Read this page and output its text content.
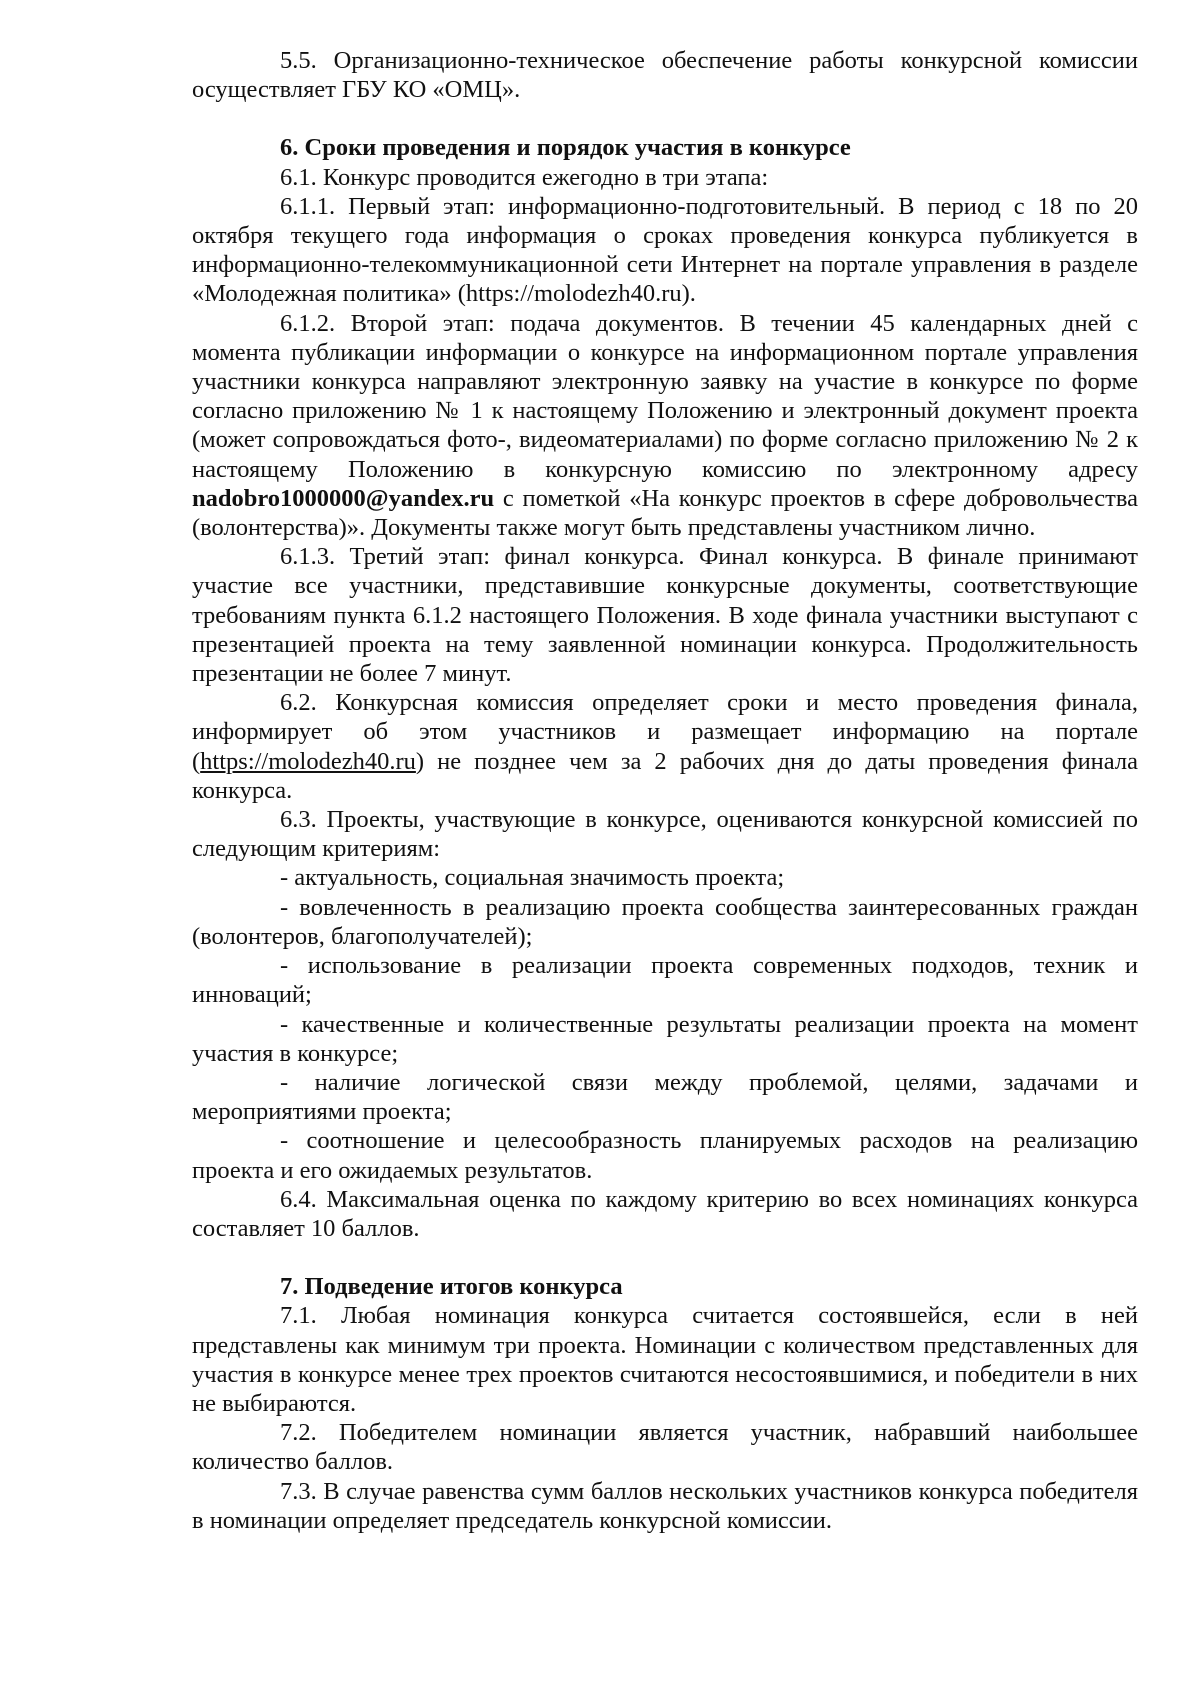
5.5. Организационно-техническое обеспечение работы конкурсной комиссии осуществляет ГБУ КО «ОМЦ».

6. Сроки проведения и порядок участия в конкурсе

6.1. Конкурс проводится ежегодно в три этапа:

6.1.1. Первый этап: информационно-подготовительный. В период с 18 по 20 октября текущего года информация о сроках проведения конкурса публикуется в информационно-телекоммуникационной сети Интернет на портале управления в разделе «Молодежная политика» (https://molodezh40.ru).

6.1.2. Второй этап: подача документов. В течении 45 календарных дней с момента публикации информации о конкурсе на информационном портале управления участники конкурса направляют электронную заявку на участие в конкурсе по форме согласно приложению № 1 к настоящему Положению и электронный документ проекта (может сопровождаться фото-, видеоматериалами) по форме согласно приложению № 2 к настоящему Положению в конкурсную комиссию по электронному адресу nadobro1000000@yandex.ru с пометкой «На конкурс проектов в сфере добровольчества (волонтерства)». Документы также могут быть представлены участником лично.

6.1.3. Третий этап: финал конкурса. Финал конкурса. В финале принимают участие все участники, представившие конкурсные документы, соответствующие требованиям пункта 6.1.2 настоящего Положения. В ходе финала участники выступают с презентацией проекта на тему заявленной номинации конкурса. Продолжительность презентации не более 7 минут.

6.2. Конкурсная комиссия определяет сроки и место проведения финала, информирует об этом участников и размещает информацию на портале (https://molodezh40.ru) не позднее чем за 2 рабочих дня до даты проведения финала конкурса.

6.3. Проекты, участвующие в конкурсе, оцениваются конкурсной комиссией по следующим критериям:

- актуальность, социальная значимость проекта;

- вовлеченность в реализацию проекта сообщества заинтересованных граждан (волонтеров, благополучателей);

- использование в реализации проекта современных подходов, техник и инноваций;

- качественные и количественные результаты реализации проекта на момент участия в конкурсе;

- наличие логической связи между проблемой, целями, задачами и мероприятиями проекта;

- соотношение и целесообразность планируемых расходов на реализацию проекта и его ожидаемых результатов.

6.4. Максимальная оценка по каждому критерию во всех номинациях конкурса составляет 10 баллов.

7. Подведение итогов конкурса

7.1. Любая номинация конкурса считается состоявшейся, если в ней представлены как минимум три проекта. Номинации с количеством представленных для участия в конкурсе менее трех проектов считаются несостоявшимися, и победители в них не выбираются.

7.2. Победителем номинации является участник, набравший наибольшее количество баллов.

7.3. В случае равенства сумм баллов нескольких участников конкурса победителя в номинации определяет председатель конкурсной комиссии.
